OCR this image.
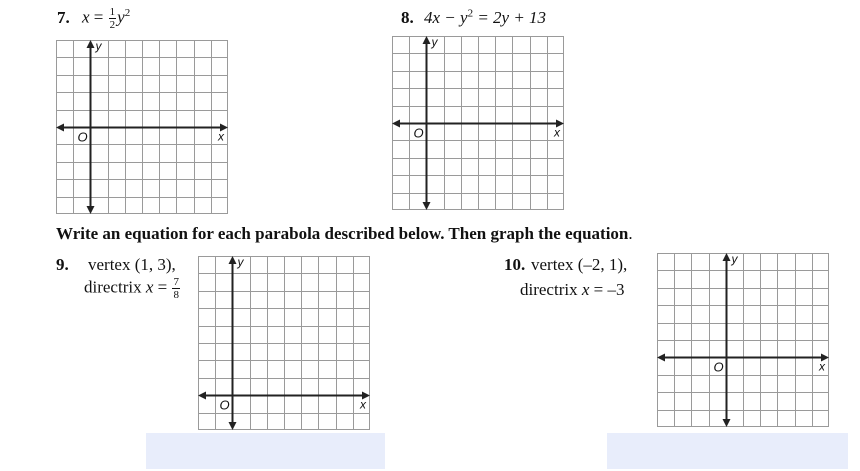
7. $x = \frac{1}{2} y^2$	8. $4x - y^2 = 2y + 13$
x
y
O	x
y
O
x
y
O
x
y
O
Write an equation for each parabola described below. Then graph the equation.
9. vertex (1, 3),
directrix $x = \frac{7}{8}$
10. vertex (–2, 1),
directrix x = –3
